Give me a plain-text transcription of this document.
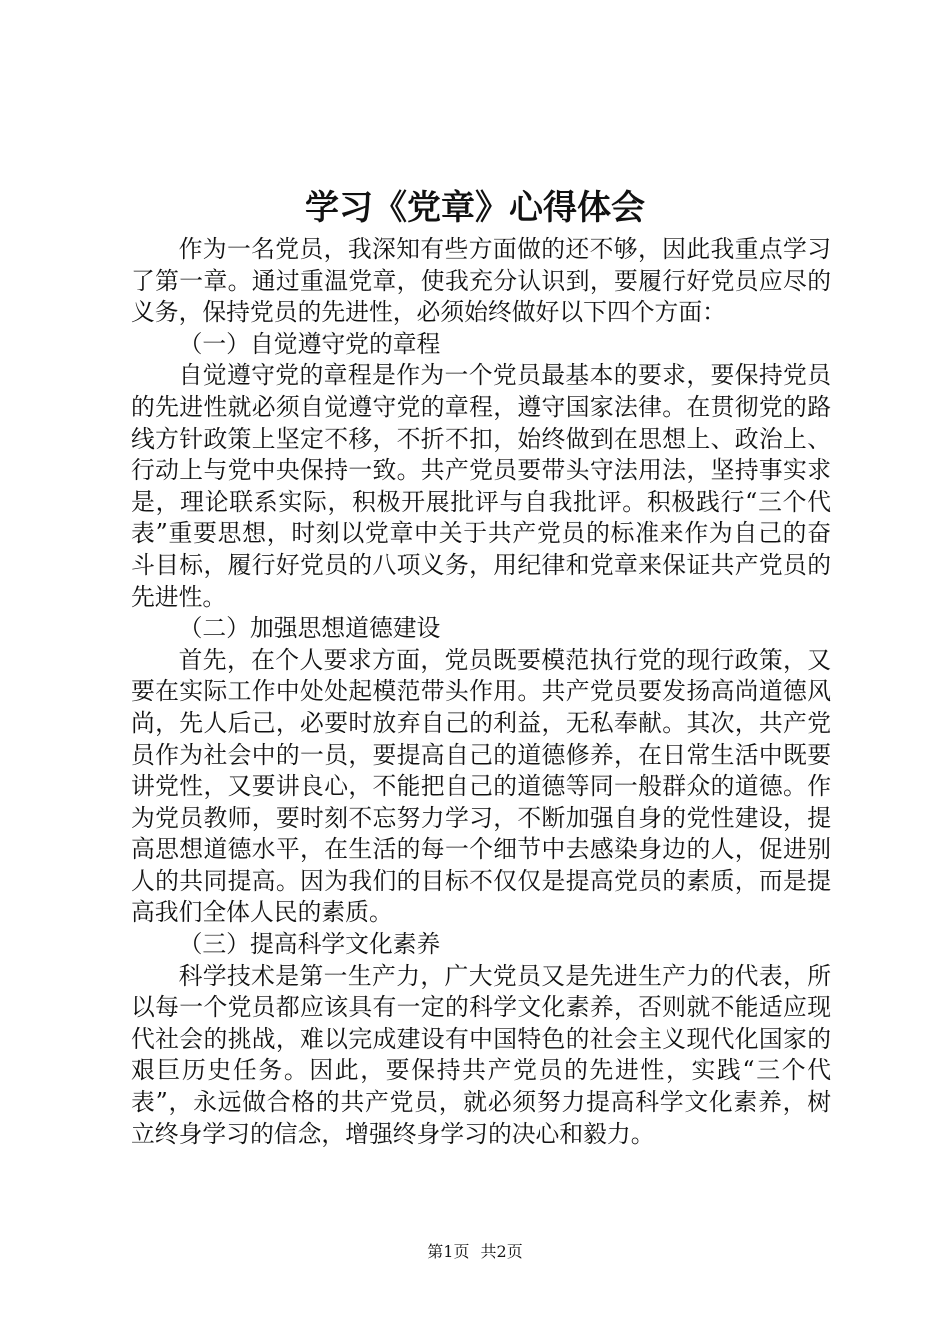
学习《党章》心得体会

作为一名党员，我深知有些方面做的还不够，因此我重点学习了第一章。通过重温党章，使我充分认识到，要履行好党员应尽的义务，保持党员的先进性，必须始终做好以下四个方面：

（一）自觉遵守党的章程

自觉遵守党的章程是作为一个党员最基本的要求，要保持党员的先进性就必须自觉遵守党的章程，遵守国家法律。在贯彻党的路线方针政策上坚定不移，不折不扣，始终做到在思想上、政治上、行动上与党中央保持一致。共产党员要带头守法用法，坚持事实求是，理论联系实际，积极开展批评与自我批评。积极践行“三个代表”重要思想，时刻以党章中关于共产党员的标准来作为自己的奋斗目标，履行好党员的八项义务，用纪律和党章来保证共产党员的先进性。

（二）加强思想道德建设

首先，在个人要求方面，党员既要模范执行党的现行政策，又要在实际工作中处处起模范带头作用。共产党员要发扬高尚道德风尚，先人后己，必要时放弃自己的利益，无私奉献。其次，共产党员作为社会中的一员，要提高自己的道德修养，在日常生活中既要讲党性，又要讲良心，不能把自己的道德等同一般群众的道德。作为党员教师，要时刻不忘努力学习，不断加强自身的党性建设，提高思想道德水平，在生活的每一个细节中去感染身边的人，促进别人的共同提高。因为我们的目标不仅仅是提高党员的素质，而是提高我们全体人民的素质。

（三）提高科学文化素养

科学技术是第一生产力，广大党员又是先进生产力的代表，所以每一个党员都应该具有一定的科学文化素养，否则就不能适应现代社会的挑战，难以完成建设有中国特色的社会主义现代化国家的艰巨历史任务。因此，要保持共产党员的先进性，实践“三个代表”，永远做合格的共产党员，就必须努力提高科学文化素养，树立终身学习的信念，增强终身学习的决心和毅力。

第1页 共2页
